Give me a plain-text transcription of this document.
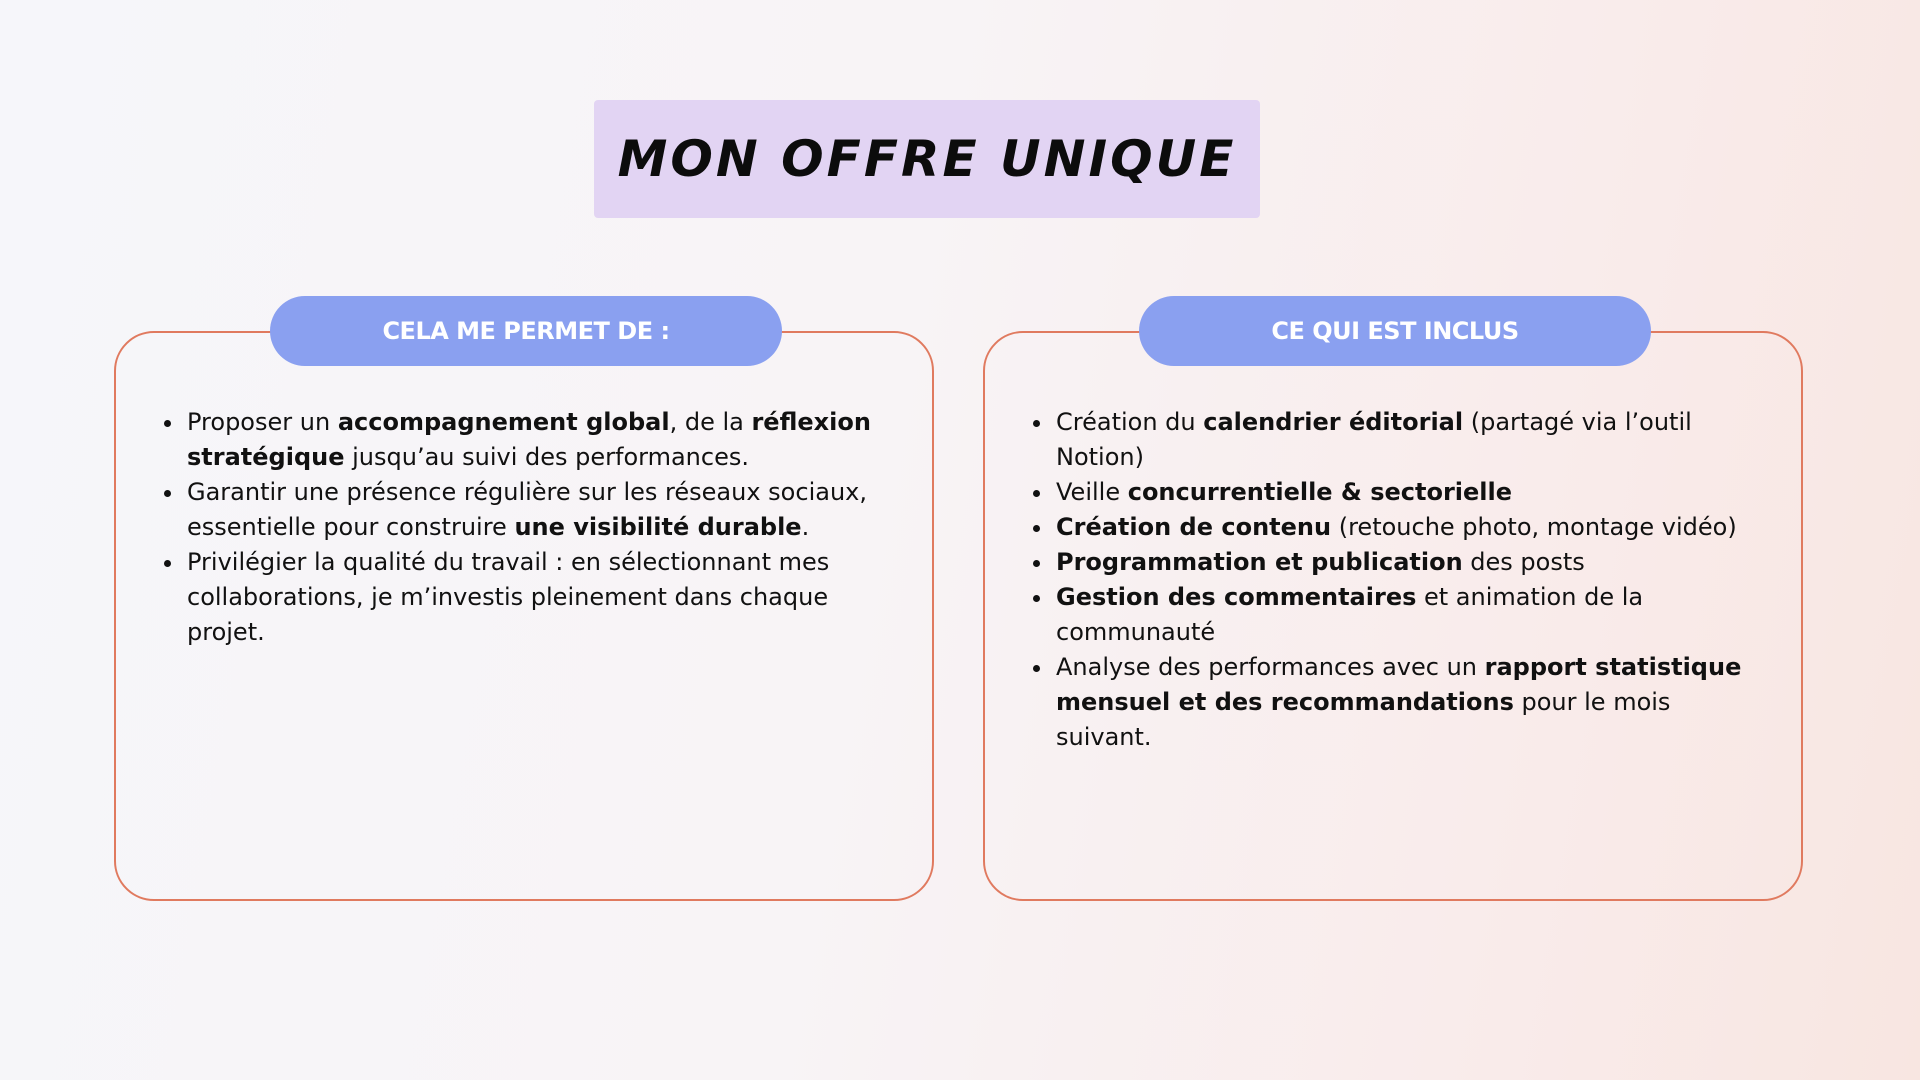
MON OFFRE UNIQUE
CELA ME PERMET DE :
• Proposer un accompagnement global, de la réflexion stratégique jusqu’au suivi des performances.
• Garantir une présence régulière sur les réseaux sociaux, essentielle pour construire une visibilité durable.
• Privilégier la qualité du travail : en sélectionnant mes collaborations, je m’investis pleinement dans chaque projet.
CE QUI EST INCLUS
• Création du calendrier éditorial (partagé via l’outil Notion)
• Veille concurrentielle & sectorielle
• Création de contenu (retouche photo, montage vidéo)
• Programmation et publication des posts
• Gestion des commentaires et animation de la communauté
• Analyse des performances avec un rapport statistique mensuel et des recommandations pour le mois suivant.
